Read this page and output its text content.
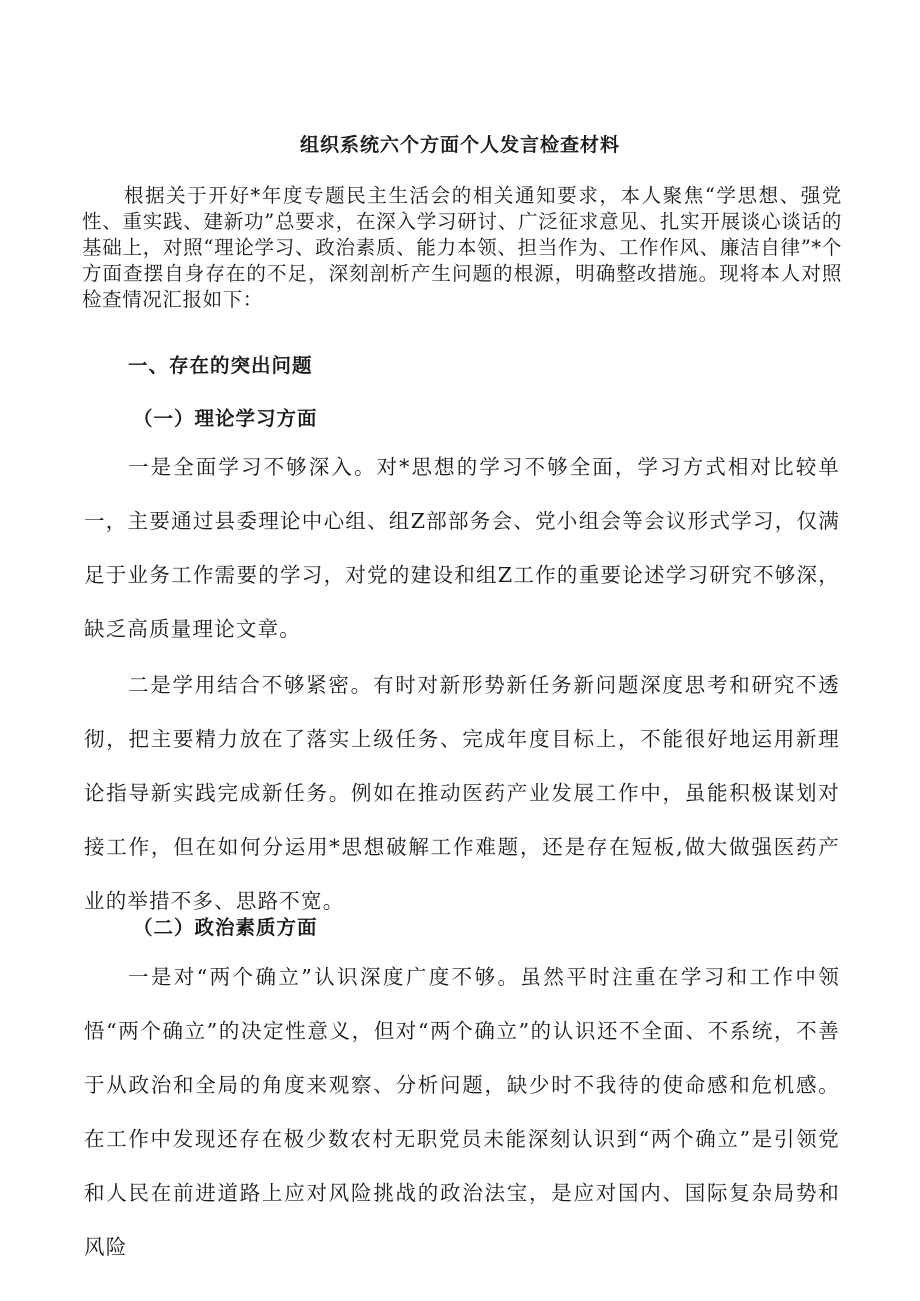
组织系统六个方面个人发言检查材料

根据关于开好*年度专题民主生活会的相关通知要求，本人聚焦“学思想、强党性、重实践、建新功”总要求，在深入学习研讨、广泛征求意见、扎实开展谈心谈话的基础上，对照“理论学习、政治素质、能力本领、担当作为、工作作风、廉洁自律”*个方面查摆自身存在的不足，深刻剖析产生问题的根源，明确整改措施。现将本人对照检查情况汇报如下：

一、存在的突出问题
（一）理论学习方面

一是全面学习不够深入。对*思想的学习不够全面，学习方式相对比较单一，主要通过县委理论中心组、组Z部部务会、党小组会等会议形式学习，仅满足于业务工作需要的学习，对党的建设和组Z工作的重要论述学习研究不够深，缺乏高质量理论文章。

二是学用结合不够紧密。有时对新形势新任务新问题深度思考和研究不透彻，把主要精力放在了落实上级任务、完成年度目标上，不能很好地运用新理论指导新实践完成新任务。例如在推动医药产业发展工作中，虽能积极谋划对接工作，但在如何分运用*思想破解工作难题，还是存在短板,做大做强医药产业的举措不多、思路不宽。

（二）政治素质方面

一是对“两个确立”认识深度广度不够。虽然平时注重在学习和工作中领悟“两个确立”的决定性意义，但对“两个确立”的认识还不全面、不系统，不善于从政治和全局的角度来观察、分析问题，缺少时不我待的使命感和危机感。在工作中发现还存在极少数农村无职党员未能深刻认识到“两个确立”是引领党和人民在前进道路上应对风险挑战的政治法宝，是应对国内、国际复杂局势和风险
